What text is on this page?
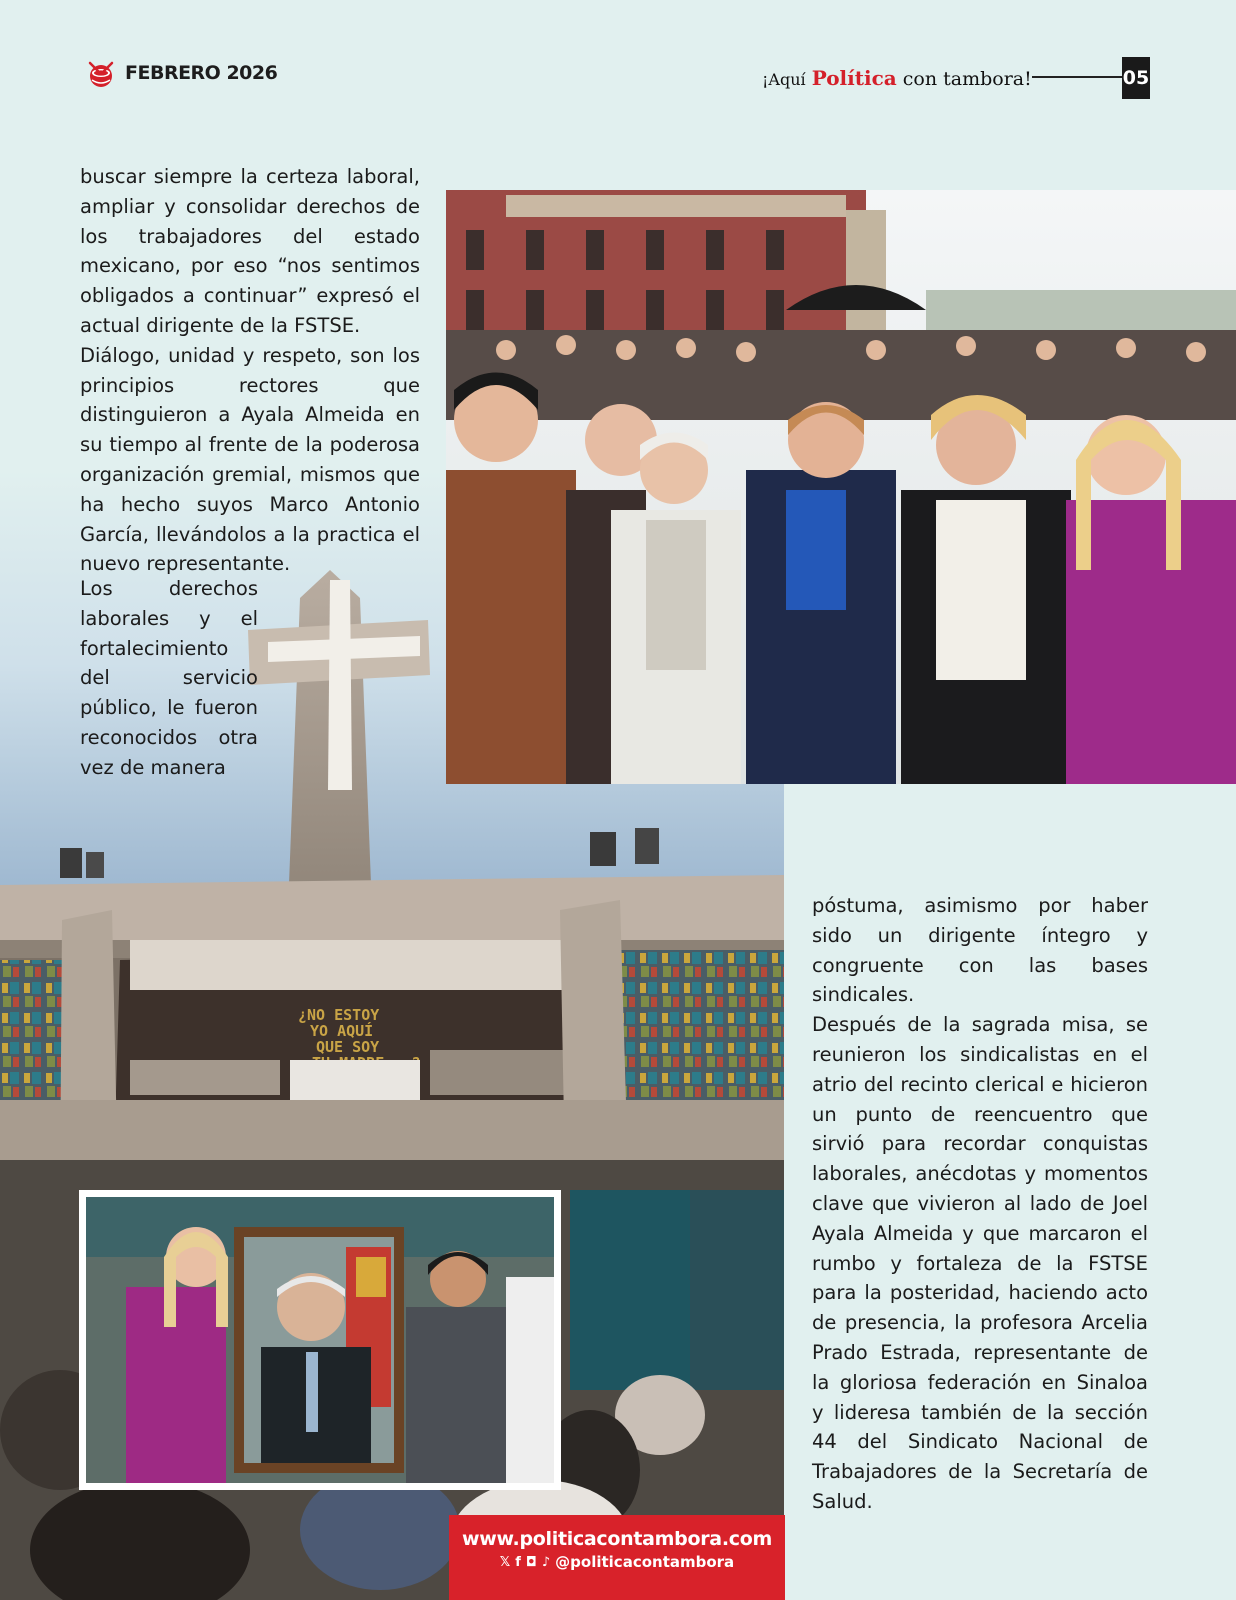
FEBRERO 2026	¡Aquí Política con tambora!	05
¿NO ESTOY
YO AQUÍ
QUE SOY

buscar siempre la certeza laboral, ampliar y consolidar derechos de los trabajadores del estado mexicano, por eso “nos sentimos obligados a continuar” expresó el actual dirigente de la FSTSE.

Diálogo, unidad y respeto, son los principios rectores que distinguieron a Ayala Almeida en su tiempo al frente de la poderosa organización gremial, mismos que ha hecho suyos Marco Antonio García, llevándolos a la practica el nuevo representante.

Los derechos laborales y el fortalecimiento del servicio público, le fueron reconocidos otra vez de manera

póstuma, asimismo por haber sido un dirigente íntegro y congruente con las bases sindicales.

Después de la sagrada misa, se reunieron los sindicalistas en el atrio del recinto clerical e hicieron un punto de reencuentro que sirvió para recordar conquistas laborales, anécdotas y momentos clave que vivieron al lado de Joel Ayala Almeida y que marcaron el rumbo y fortaleza de la FSTSE para la posteridad, haciendo acto de presencia, la profesora Arcelia Prado Estrada, representante de la gloriosa federación en Sinaloa y lideresa también de la sección 44 del Sindicato Nacional de Trabajadores de la Secretaría de Salud.

www.politicacontambora.com
𝕏 f ◘ ♪ @politicacontambora
